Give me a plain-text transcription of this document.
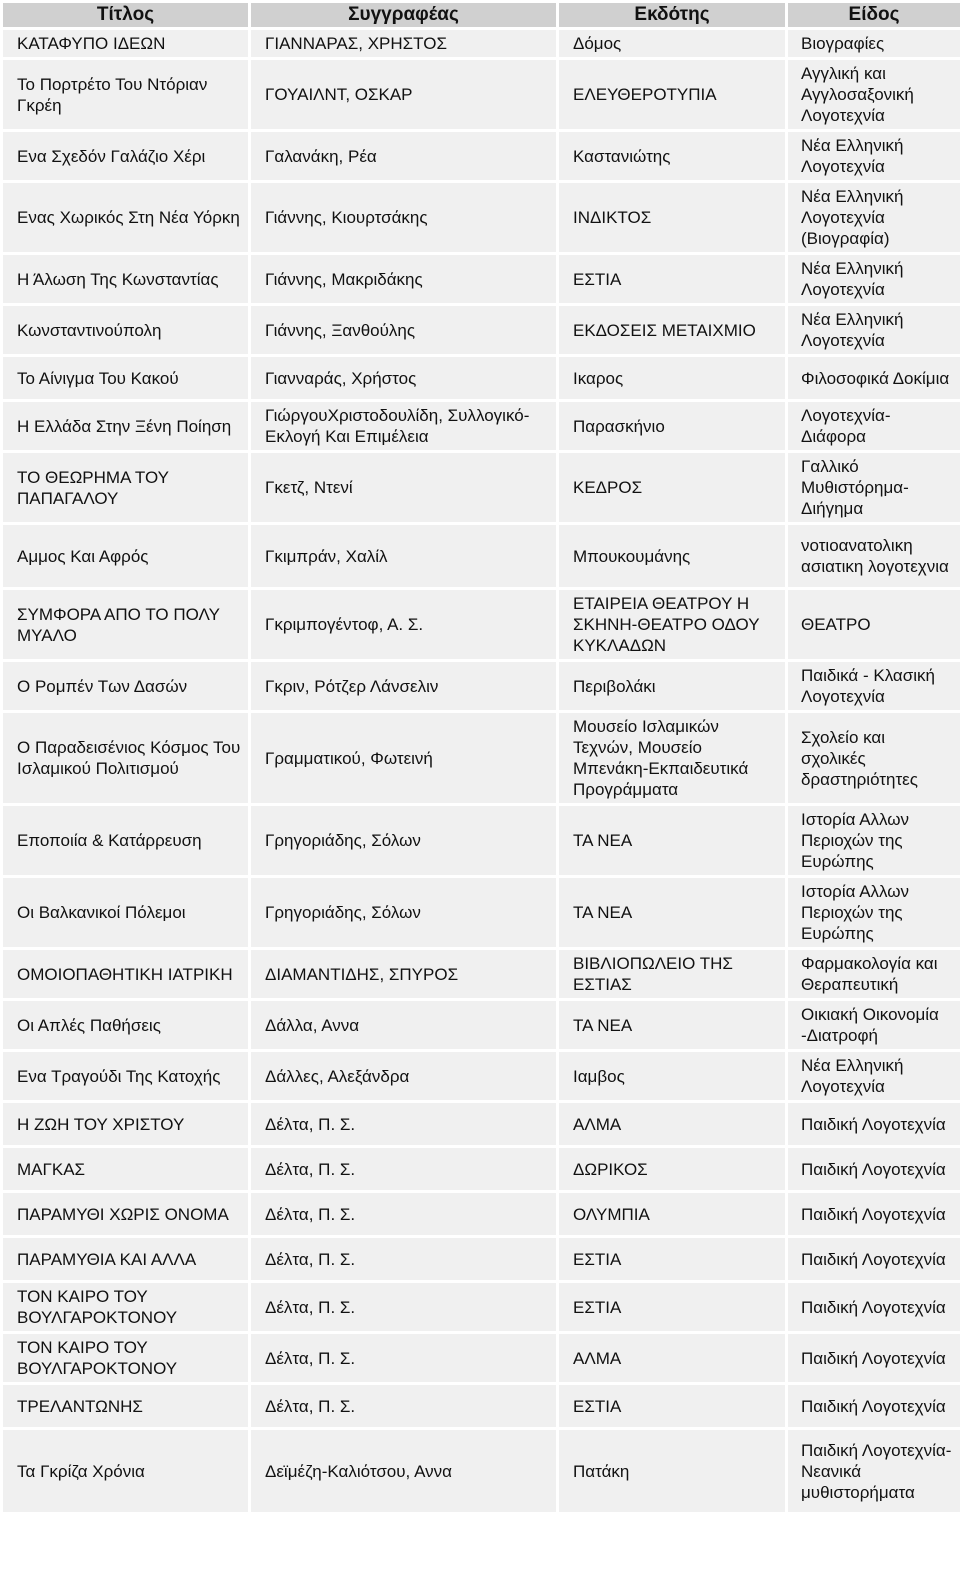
Τίτλος	Συγγραφέας	Εκδότης	Είδος
ΚΑΤΑΦΥΠΟ ΙΔΕΩΝ	ΓΙΑΝΝΑΡΑΣ, ΧΡΗΣΤΟΣ	Δόμος	Βιογραφίες
Το Πορτρέτο Του Ντόριαν Γκρέη	ΓΟΥΑΙΛΝΤ, ΟΣΚΑΡ	ΕΛΕΥΘΕΡΟΤΥΠΙΑ	Αγγλική και Αγγλοσαξονική Λογοτεχνία
Ενα Σχεδόν Γαλάζιο Χέρι	Γαλανάκη, Ρέα	Καστανιώτης	Νέα Ελληνική Λογοτεχνία
Ενας Χωρικός Στη Νέα Υόρκη	Γιάννης, Κιουρτσάκης	ΙΝΔΙΚΤΟΣ	Νέα Ελληνική Λογοτεχνία (Βιογραφία)
Η Άλωση Της Κωνσταντίας	Γιάννης, Μακριδάκης	ΕΣΤΙΑ	Νέα Ελληνική Λογοτεχνία
Κωνσταντινούπολη	Γιάννης, Ξανθούλης	ΕΚΔΟΣΕΙΣ ΜΕΤΑΙΧΜΙΟ	Νέα Ελληνική Λογοτεχνία
Το Αίνιγμα Του Κακού	Γιανναράς, Χρήστος	Ικαρος	Φιλοσοφικά Δοκίμια
Η Ελλάδα Στην Ξένη Ποίηση	ΓιώργουΧριστοδουλίδη, Συλλογικό-Εκλογή Και Επιμέλεια	Παρασκήνιο	Λογοτεχνία-Διάφορα
ΤΟ ΘΕΩΡΗΜΑ ΤΟΥ ΠΑΠΑΓΑΛΟΥ	Γκετζ, Ντενί	ΚΕΔΡΟΣ	Γαλλικό Μυθιστόρημα-Διήγημα
Αμμος Και Αφρός	Γκιμπράν, Χαλίλ	Μπουκουμάνης	νοτιοανατολικη ασιατικη λογοτεχνια
ΣΥΜΦΟΡΑ ΑΠΟ ΤΟ ΠΟΛΥ ΜΥΑΛΟ	Γκριμπογέντοφ, Α. Σ.	ΕΤΑΙΡΕΙΑ ΘΕΑΤΡΟΥ Η ΣΚΗΝΗ-ΘΕΑΤΡΟ ΟΔΟΥ ΚΥΚΛΑΔΩΝ	ΘΕΑΤΡΟ
Ο Ρομπέν Των Δασών	Γκριν, Ρότζερ Λάνσελιν	Περιβολάκι	Παιδικά - Κλασική Λογοτεχνία
Ο Παραδεισένιος Κόσμος Του Ισλαμικού Πολιτισμού	Γραμματικού, Φωτεινή	Μουσείο Ισλαμικών Τεχνών, Μουσείο Μπενάκη-Εκπαιδευτικά Προγράμματα	Σχολείο και σχολικές δραστηριότητες
Εποποιία & Κατάρρευση	Γρηγοριάδης, Σόλων	ΤΑ ΝΕΑ	Ιστορία Αλλων Περιοχών της Ευρώπης
Οι Βαλκανικοί Πόλεμοι	Γρηγοριάδης, Σόλων	ΤΑ ΝΕΑ	Ιστορία Αλλων Περιοχών της Ευρώπης
ΟΜΟΙΟΠΑΘΗΤΙΚΗ ΙΑΤΡΙΚΗ	ΔΙΑΜΑΝΤΙΔΗΣ, ΣΠΥΡΟΣ	ΒΙΒΛΙΟΠΩΛΕΙΟ ΤΗΣ ΕΣΤΙΑΣ	Φαρμακολογία και Θεραπευτική
Οι Απλές Παθήσεις	Δάλλα, Αννα	ΤΑ ΝΕΑ	Οικιακή Οικονομία -Διατροφή
Ενα Τραγούδι Της Κατοχής	Δάλλες, Αλεξάνδρα	Ιαμβος	Νέα Ελληνική Λογοτεχνία
Η ΖΩΗ ΤΟΥ ΧΡΙΣΤΟΥ	Δέλτα, Π. Σ.	ΑΛΜΑ	Παιδική Λογοτεχνία
ΜΑΓΚΑΣ	Δέλτα, Π. Σ.	ΔΩΡΙΚΟΣ	Παιδική Λογοτεχνία
ΠΑΡΑΜΥΘΙ ΧΩΡΙΣ ΟΝΟΜΑ	Δέλτα, Π. Σ.	ΟΛΥΜΠΙΑ	Παιδική Λογοτεχνία
ΠΑΡΑΜΥΘΙΑ ΚΑΙ ΑΛΛΑ	Δέλτα, Π. Σ.	ΕΣΤΙΑ	Παιδική Λογοτεχνία
ΤΟΝ ΚΑΙΡΟ ΤΟΥ ΒΟΥΛΓΑΡΟΚΤΟΝΟΥ	Δέλτα, Π. Σ.	ΕΣΤΙΑ	Παιδική Λογοτεχνία
ΤΟΝ ΚΑΙΡΟ ΤΟΥ ΒΟΥΛΓΑΡΟΚΤΟΝΟΥ	Δέλτα, Π. Σ.	ΑΛΜΑ	Παιδική Λογοτεχνία
ΤΡΕΛΑΝΤΩΝΗΣ	Δέλτα, Π. Σ.	ΕΣΤΙΑ	Παιδική Λογοτεχνία
Τα Γκρίζα Χρόνια	Δεϊμέζη-Καλιότσου, Αννα	Πατάκη	Παιδική Λογοτεχνία-Νεανικά μυθιστορήματα
